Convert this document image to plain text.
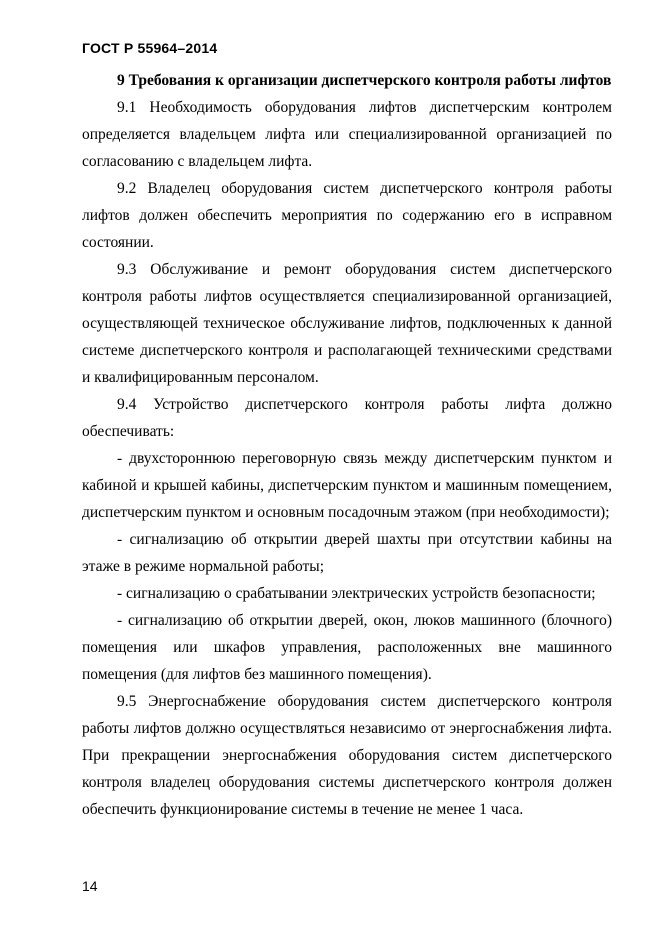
ГОСТ Р 55964–2014

9 Требования к организации диспетчерского контроля работы лифтов

9.1 Необходимость оборудования лифтов диспетчерским контролем определяется владельцем лифта или специализированной организацией по согласованию с владельцем лифта.

9.2 Владелец оборудования систем диспетчерского контроля работы лифтов должен обеспечить мероприятия по содержанию его в исправном состоянии.

9.3 Обслуживание и ремонт оборудования систем диспетчерского контроля работы лифтов осуществляется специализированной организацией, осуществляющей техническое обслуживание лифтов, подключенных к данной системе диспетчерского контроля и располагающей техническими средствами и квалифицированным персоналом.

9.4 Устройство диспетчерского контроля работы лифта должно обеспечивать:

- двухстороннюю переговорную связь между диспетчерским пунктом и кабиной и крышей кабины, диспетчерским пунктом и машинным помещением, диспетчерским пунктом и основным посадочным этажом (при необходимости);

- сигнализацию об открытии дверей шахты при отсутствии кабины на этаже в режиме нормальной работы;

- сигнализацию о срабатывании электрических устройств безопасности;

- сигнализацию об открытии дверей, окон, люков машинного (блочного) помещения или шкафов управления, расположенных вне машинного помещения (для лифтов без машинного помещения).

9.5 Энергоснабжение оборудования систем диспетчерского контроля работы лифтов должно осуществляться независимо от энергоснабжения лифта. При прекращении энергоснабжения оборудования систем диспетчерского контроля владелец оборудования системы диспетчерского контроля должен обеспечить функционирование системы в течение не менее 1 часа.

14
